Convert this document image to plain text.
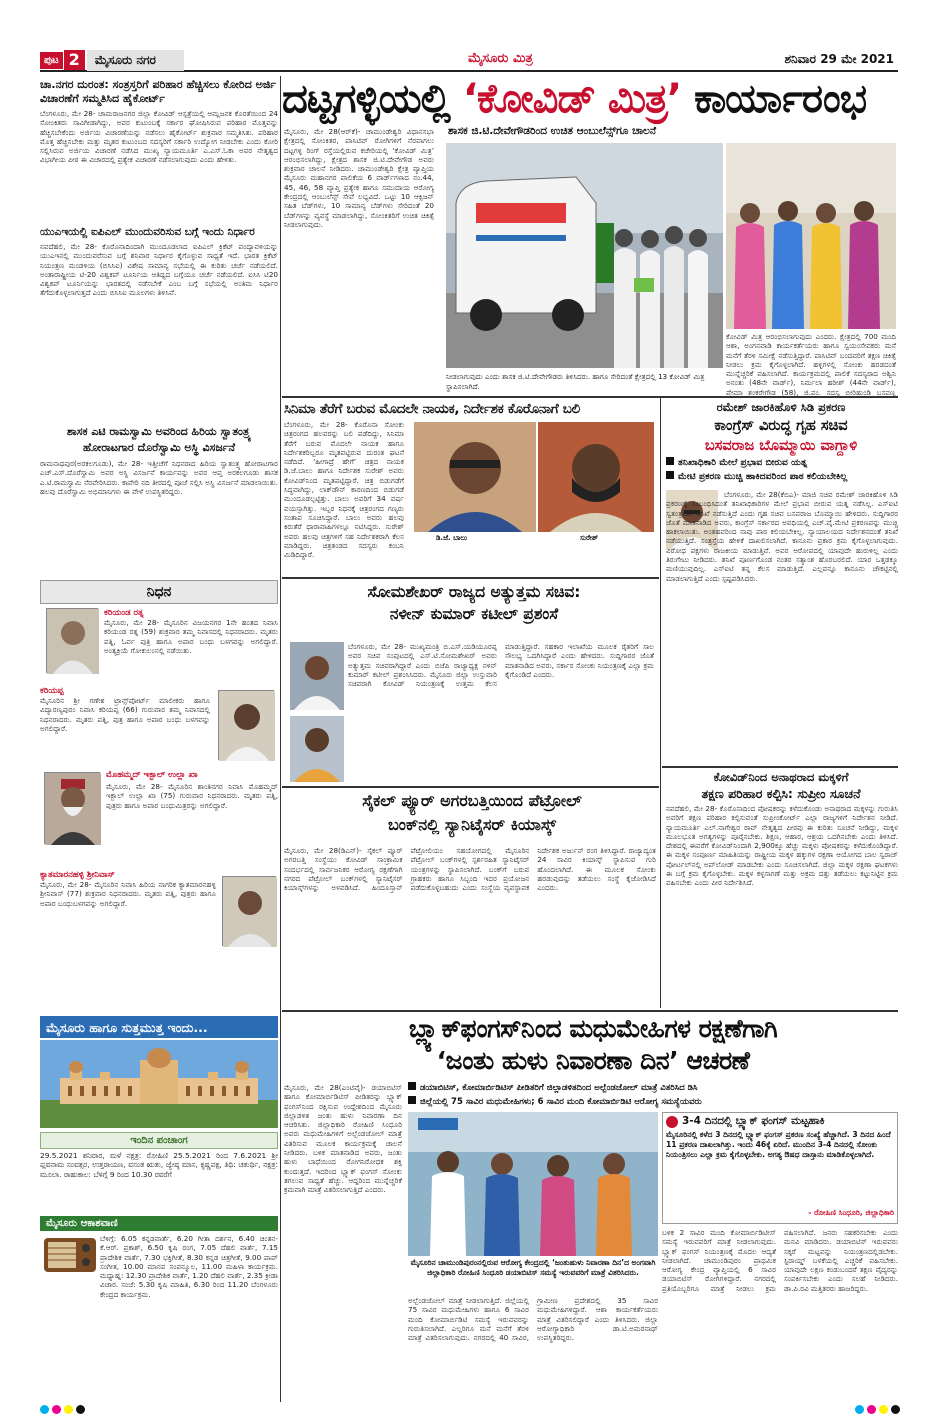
ಪುಟ 2	ಮೈಸೂರು ನಗರ	ಮೈಸೂರು ಮಿತ್ರ	ಶನಿವಾರ 29 ಮೇ 2021
ಚಾ.ನಗರ ದುರಂತ: ಸಂತ್ರಸ್ತರಿಗೆ ಪರಿಹಾರ ಹೆಚ್ಚಿಸಲು ಕೋರಿದ ಅರ್ಜಿ ವಿಚಾರಣೆಗೆ ಸಮ್ಮತಿಸಿದ ಹೈಕೋರ್ಟ್
ಬೆಂಗಳೂರು, ಮೇ 28- ಚಾಮರಾಜನಗರ ಜಿಲ್ಲಾ ಕೋವಿಡ್ ಆಸ್ಪತ್ರೆಯಲ್ಲಿ ಆಮ್ಲಜನಕ ಕೊರತೆಯಿಂದ 24 ಸೋಂಕಿತರು ಸಾವಿಗೀಡಾಗಿದ್ದು, ಅವರ ಕುಟುಂಬಕ್ಕೆ ಸರ್ಕಾರ ಘೋಷಿಸಿರುವ ಪರಿಹಾರ ಮೊತ್ತವನ್ನು ಹೆಚ್ಚಿಸಬೇಕೆಂದು ಅರ್ಜಿಯ ವಿಚಾರಣೆಯನ್ನು ನಡೆಸಲು ಹೈಕೋರ್ಟ್ ಶುಕ್ರವಾರ ಸಮ್ಮತಿಸಿತು. ಪರಿಹಾರ ಮೊತ್ತ ಹೆಚ್ಚಿಸಬೇಕು ಮತ್ತು ಮೃತರ ಕುಟುಂಬದ ಸದಸ್ಯರಿಗೆ ಸರ್ಕಾರಿ ಉದ್ಯೋಗ ನೀಡಬೇಕು ಎಂದು ಕೋರಿ ಸಲ್ಲಿಸಿರುವ ಅರ್ಜಿಯ ವಿಚಾರಣೆ ನಡೆಸಿದ ಮುಖ್ಯ ನ್ಯಾಯಮೂರ್ತಿ ಎ.ಎಸ್.ಓಕಾ ಅವರ ನೇತೃತ್ವದ ವಿಭಾಗೀಯ ಪೀಠ ಈ ವಿಚಾರದಲ್ಲಿ ಪ್ರತ್ಯೇಕ ವಿಚಾರಣೆ ನಡೆಸಲಾಗುವುದು ಎಂದು ಹೇಳಿತು.
ಯುಎಇಯಲ್ಲಿ ಐಪಿಎಲ್ ಮುಂದುವರಿಸುವ ಬಗ್ಗೆ ಇಂದು ನಿರ್ಧಾರ
ನವದೆಹಲಿ, ಮೇ 28- ಕೊರೊನಾದಿಂದಾಗಿ ಮುಂದೂಡಲಾದ ಐಪಿಎಲ್ ಕ್ರಿಕೆಟ್ ಪಂದ್ಯಾವಳಿಯನ್ನು ಯುಎಇನಲ್ಲಿ ಮುಂದುವರೆಸುವ ಬಗ್ಗೆ ಶನಿವಾರ ನಿರ್ಧಾರ ಕೈಗೊಳ್ಳುವ ಸಾಧ್ಯತೆ ಇದೆ. ಭಾರತ ಕ್ರಿಕೆಟ್ ನಿಯಂತ್ರಣ ಮಂಡಳಿಯ (ಬಿಸಿಸಿಐ) ವಿಶೇಷ ಸಾಮಾನ್ಯ ಸಭೆಯಲ್ಲಿ ಈ ಕುರಿತು ಚರ್ಚೆ ನಡೆಯಲಿದೆ. ಅಂತಾರಾಷ್ಟ್ರೀಯ ಟಿ-20 ವಿಶ್ವಕಪ್ ಟೂರ್ನಿಯ ಆತಿಥ್ಯದ ಬಗ್ಗೆಯೂ ಚರ್ಚೆ ನಡೆಯಲಿದೆ. ಐಸಿಸಿ ಟಿ20 ವಿಶ್ವಕಪ್ ಟೂರ್ನಿಯನ್ನು ಭಾರತದಲ್ಲಿ ನಡೆಸಬೇಕೆ ಎಂಬ ಬಗ್ಗೆ ಸಭೆಯಲ್ಲಿ ಅಂತಿಮ ನಿರ್ಧಾರ ತೆಗೆದುಕೊಳ್ಳಲಾಗುತ್ತದೆ ಎಂದು ಬಿಸಿಸಿಐ ಮೂಲಗಳು ತಿಳಿಸಿವೆ.
ಶಾಸಕ ಎಟಿ ರಾಮಸ್ವಾಮಿ ಅವರಿಂದ ಹಿರಿಯ ಸ್ವಾತಂತ್ರ್ಯ ಹೋರಾಟಗಾರ ದೊರೆಸ್ವಾಮಿ ಅಸ್ಥಿ ವಿಸರ್ಜನೆ
ರಾಮನಾಥಪುರ(ಅರಕಲಗೂಡು), ಮೇ 28- ಇತ್ತೀಚೆಗೆ ನಿಧನರಾದ ಹಿರಿಯ ಸ್ವಾತಂತ್ರ್ಯ ಹೋರಾಟಗಾರ ಎಚ್.ಎಸ್.ದೊರೆಸ್ವಾಮಿ ಅವರ ಅಸ್ಥಿ ವಿಸರ್ಜನೆ ಕಾರ್ಯವನ್ನು ಅವರ ಆಪ್ತ ಅರಕಲಗೂಡು ಶಾಸಕ ಎ.ಟಿ.ರಾಮಸ್ವಾಮಿ ನೆರವೇರಿಸಿದರು. ಕಾವೇರಿ ನದಿ ತೀರದಲ್ಲಿ ಪೂಜೆ ಸಲ್ಲಿಸಿ ಅಸ್ಥಿ ವಿಸರ್ಜನೆ ಮಾಡಲಾಯಿತು. ಹಲವು ದೊರೆಸ್ವಾಮಿ ಅಭಿಮಾನಿಗಳು ಈ ವೇಳೆ ಉಪಸ್ಥಿತರಿದ್ದರು.
ನಿಧನ
ಕರಿಯಂಡ ರತ್ನ
ಮೈಸೂರು, ಮೇ 28- ಮೈಸೂರಿನ ವಿಜಯನಗರ 1ನೇ ಹಂತದ ನಿವಾಸಿ ಕರಿಯಂಡ ರತ್ನ (59) ಶುಕ್ರವಾರ ತಮ್ಮ ನಿವಾಸದಲ್ಲಿ ನಿಧನರಾದರು. ಮೃತರು ಪತ್ನಿ, ಓರ್ವ ಪುತ್ರಿ ಹಾಗೂ ಅಪಾರ ಬಂಧು ಬಳಗವನ್ನು ಅಗಲಿದ್ದಾರೆ. ಅಂತ್ಯಕ್ರಿಯೆ ಗೋಕುಲಂನಲ್ಲಿ ನಡೆಯಿತು.
ಕರಿಯಪ್ಪ
ಮೈಸೂರಿನ ಶ್ರೀ ಗಣೇಶ ಟ್ರಾನ್ಸ್‌ಪೋರ್ಟ್ ಮಾಲೀಕರು ಹಾಗೂ ವಿದ್ಯಾರಣ್ಯಪುರಂ ನಿವಾಸಿ ಕರಿಯಪ್ಪ (66) ಗುರುವಾರ ತಮ್ಮ ನಿವಾಸದಲ್ಲಿ ನಿಧನರಾದರು. ಮೃತರು ಪತ್ನಿ, ಪುತ್ರ ಹಾಗೂ ಅಪಾರ ಬಂಧು ಬಳಗವನ್ನು ಅಗಲಿದ್ದಾರೆ.
ಮೊಹಮ್ಮದ್ ಇಕ್ಬಾಲ್ ಉಲ್ಲಾ ಖಾ
ಮೈಸೂರು, ಮೇ 28- ಮೈಸೂರಿನ ಶಾಂತಿನಗರ ನಿವಾಸಿ ಮೊಹಮ್ಮದ್ ಇಕ್ಬಾಲ್ ಉಲ್ಲಾ ಖಾ (75) ಗುರುವಾರ ನಿಧನರಾದರು. ಮೃತರು ಪತ್ನಿ, ಪುತ್ರರು ಹಾಗೂ ಅಪಾರ ಬಂಧುಮಿತ್ರರನ್ನು ಅಗಲಿದ್ದಾರೆ.
ಕ್ಯಾತಮಾರನಹಳ್ಳಿ ಶ್ರೀನಿವಾಸ್
ಮೈಸೂರು, ಮೇ 28- ಮೈಸೂರಿನ ನಿವಾಸಿ ಹಿರಿಯ ನಾಗರಿಕ ಕ್ಯಾತಮಾರನಹಳ್ಳಿ ಶ್ರೀನಿವಾಸ್ (77) ಶುಕ್ರವಾರ ನಿಧನರಾದರು. ಮೃತರು ಪತ್ನಿ, ಪುತ್ರರು ಹಾಗೂ ಅಪಾರ ಬಂಧುಬಳಗವನ್ನು ಅಗಲಿದ್ದಾರೆ.
ಮೈಸೂರು ಹಾಗೂ ಸುತ್ತಮುತ್ತ ಇಂದು...
ಇಂದಿನ ಪಂಚಾಂಗ
29.5.2021 ಶನಿವಾರ, ಮಳೆ ನಕ್ಷತ್ರ: ರೋಹಿಣಿ 25.5.2021 ರಿಂದ 7.6.2021 ಶ್ರೀ ಪ್ಲವನಾಮ ಸಂವತ್ಸರ, ಉತ್ತರಾಯಣ, ವಸಂತ ಋತು, ಜ್ಯೇಷ್ಠ ಮಾಸ, ಕೃಷ್ಣಪಕ್ಷ, ತಿಥಿ: ಚತುರ್ಥಿ, ನಕ್ಷತ್ರ: ಮೂಲಾ. ರಾಹುಕಾಲ: ಬೆಳಿಗ್ಗೆ 9 ರಿಂದ 10.30 ರವರೆಗೆ
ಮೈಸೂರು ಆಕಾಶವಾಣಿ
ಬೆಳಿಗ್ಗೆ: 6.05 ಕನ್ನಡವಾರ್ತೆ, 6.20 ಗೀತಾ ದರ್ಶನ, 6.40 ಚಿಂತನ-ಕೆ.ಆರ್. ಪ್ರಕಾಶ್, 6.50 ಕೃಷಿ ರಂಗ, 7.05 ದೆಹಲಿ ವಾರ್ತೆ, 7.15 ಪ್ರಾದೇಶಿಕ ವಾರ್ತೆ, 7.30 ಭಕ್ತಿಗೀತೆ, 8.30 ಕನ್ನಡ ಚಿತ್ರಗೀತೆ, 9.00 ಪಾಪ್ ಸಂಗೀತ, 10.00 ಮಾನವ ಸಂಪನ್ಮೂಲ, 11.00 ಮಹಿಳಾ ಕಾರ್ಯಕ್ರಮ. ಮಧ್ಯಾಹ್ನ: 12.30 ಪ್ರಾದೇಶಿಕ ವಾರ್ತೆ, 1.20 ದೆಹಲಿ ವಾರ್ತೆ, 2.35 ಕ್ರೀಡಾ ವಿಚಾರ. ಸಂಜೆ: 5.30 ಕೃಷಿ ಮಾಹಿತಿ, 6.30 ರಿಂದ 11.20 ಬೆಂಗಳೂರು ಕೇಂದ್ರದ ಕಾರ್ಯಕ್ರಮ.
ದಟ್ಟಗಳ್ಳಿಯಲ್ಲಿ ‘ಕೋವಿಡ್ ಮಿತ್ರ’ ಕಾರ್ಯಾರಂಭ
ಶಾಸಕ ಜಿ.ಟಿ.ದೇವೇಗೌಡರಿಂದ ಉಚಿತ ಆಂಬುಲೆನ್ಸ್‌ಗೂ ಚಾಲನೆ
ಮೈಸೂರು, ಮೇ 28(ಆರ್‌ಕೆ)- ಚಾಮುಂಡೇಶ್ವರಿ ವಿಧಾನಸಭಾ ಕ್ಷೇತ್ರದಲ್ಲಿ ಸೋಂಕಿತರ, ಪಾಸಿಟಿವ್ ರೋಗಿಗಳಿಗೆ ನೆರವಾಗಲು ದಟ್ಟಗಳ್ಳಿ ರಿಂಗ್ ರಸ್ತೆಯಲ್ಲಿರುವ ಕಚೇರಿಯಲ್ಲಿ ‘ಕೋವಿಡ್ ಮಿತ್ರ’ ಆರಂಭಿಸಲಾಗಿದ್ದು, ಕ್ಷೇತ್ರದ ಶಾಸಕ ಜಿ.ಟಿ.ದೇವೇಗೌಡ ಅವರು ಶುಕ್ರವಾರ ಚಾಲನೆ ನೀಡಿದರು. ಚಾಮುಂಡೇಶ್ವರಿ ಕ್ಷೇತ್ರ ವ್ಯಾಪ್ತಿಯ ಮೈಸೂರು ಮಹಾನಗರ ಪಾಲಿಕೆಯ 6 ವಾರ್ಡ್‌ಗಳಾದ ನಂ.44, 45, 46, 58 ವ್ಯಾಪ್ತಿ ಪ್ರತ್ಯೇಕ ಹಾಗೂ ಸಮುದಾಯ ಆರೋಗ್ಯ ಕೇಂದ್ರದಲ್ಲಿ ಆಂಬುಲೆನ್ಸ್ ಸೇವೆ ಲಭ್ಯವಿದೆ. ಒಟ್ಟು 10 ಆಕ್ಸಿಜನ್ ಸಹಿತ ಬೆಡ್‌ಗಳು, 10 ಸಾಮಾನ್ಯ ಬೆಡ್‌ಗಳು ಸೇರಿದಂತೆ 20 ಬೆಡ್‌ಗಳನ್ನು ವ್ಯವಸ್ಥೆ ಮಾಡಲಾಗಿದ್ದು, ಸೋಂಕಿತರಿಗೆ ಉಚಿತ ಚಿಕಿತ್ಸೆ ನೀಡಲಾಗುವುದು.
ನೀಡಲಾಗುವುದು ಎಂದು ಶಾಸಕ ಜಿ.ಟಿ.ದೇವೇಗೌಡರು ತಿಳಿಸಿದರು. ಹಾಗೂ ಸೇರಿದಂತೆ ಕ್ಷೇತ್ರದಲ್ಲಿ 13 ಕೋವಿಡ್ ಮಿತ್ರ ಸ್ಥಾಪಿಸಲಾಗಿದೆ.
ಕೋವಿಡ್ ಮಿತ್ರ ಆರಂಭಿಸಲಾಗುವುದು ಎಂದರು. ಕ್ಷೇತ್ರದಲ್ಲಿ 700 ಮಂದಿ ಆಶಾ, ಅಂಗನವಾಡಿ ಕಾರ್ಯಕರ್ತೆಯರು ಹಾಗೂ ಸ್ವಯಂಸೇವಕರು ಮನೆ ಮನೆಗೆ ತೆರಳಿ ಸಮೀಕ್ಷೆ ನಡೆಸುತ್ತಿದ್ದಾರೆ. ಪಾಸಿಟಿವ್ ಬಂದವರಿಗೆ ತಕ್ಷಣ ಚಿಕಿತ್ಸೆ ನೀಡಲು ಕ್ರಮ ಕೈಗೊಳ್ಳಲಾಗಿದೆ. ಹಳ್ಳಿಗಳಲ್ಲಿ ಸೋಂಕು ಹರಡದಂತೆ ಮುನ್ನೆಚ್ಚರಿಕೆ ವಹಿಸಲಾಗಿದೆ. ಕಾರ್ಯಕ್ರಮದಲ್ಲಿ ಪಾಲಿಕೆ ಸದಸ್ಯರಾದ ಅಶ್ವಿನಿ ಅನಂತು (48ನೇ ವಾರ್ಡ್), ನಿರ್ಮಲಾ ಹರೀಶ್ (44ನೇ ವಾರ್ಡ್), ಪ್ರೇಮಾ ಶಂಕರೇಗೌಡ (58), ಜಿ.ಪಂ. ಸದಸ್ಯ ಬೀರಿಹುಂಡಿ ಬಸವಣ್ಣ
ಸಿನಿಮಾ ತೆರೆಗೆ ಬರುವ ಮೊದಲೇ ನಾಯಕ, ನಿರ್ದೇಶಕ ಕೊರೊನಾಗೆ ಬಲಿ
ಬೆಂಗಳೂರು, ಮೇ 28- ಕೊರೊನಾ ಸೋಂಕು ಚಿತ್ರರಂಗದ ಹಲವರನ್ನು ಬಲಿ ಪಡೆದಿದ್ದು, ಸಿನಿಮಾ ತೆರೆಗೆ ಬರುವ ಮೊದಲೇ ನಾಯಕ ಹಾಗೂ ನಿರ್ದೇಶಕರಿಬ್ಬರೂ ಮೃತಪಟ್ಟಿರುವ ದುರಂತ ಘಟನೆ ನಡೆದಿದೆ. ‘ಹೀಗಾದ್ರೆ ಹೇಗೆ’ ಚಿತ್ರದ ನಾಯಕ ಡಿ.ಜೆ.ಬಾಲು ಹಾಗೂ ನಿರ್ದೇಶಕ ಸುರೇಶ್ ಅವರು ಕೋವಿಡ್‌ನಿಂದ ಮೃತಪಟ್ಟಿದ್ದಾರೆ. ಚಿತ್ರ ಬಿಡುಗಡೆಗೆ ಸಿದ್ಧವಾಗಿದ್ದು, ಲಾಕ್‌ಡೌನ್ ಕಾರಣದಿಂದ ಬಿಡುಗಡೆ ಮುಂದೂಡಲ್ಪಟ್ಟಿತ್ತು. ಬಾಲು ಅವರಿಗೆ 34 ವರ್ಷ ವಯಸ್ಸಾಗಿತ್ತು. ಇಬ್ಬರ ನಿಧನಕ್ಕೆ ಚಿತ್ರರಂಗದ ಗಣ್ಯರು ಸಂತಾಪ ಸೂಚಿಸಿದ್ದಾರೆ. ಬಾಲು ಅವರು ಹಲವು ಕಿರುತೆರೆ ಧಾರಾವಾಹಿಗಳಲ್ಲೂ ನಟಿಸಿದ್ದರು. ಸುರೇಶ್ ಅವರು ಹಲವು ಚಿತ್ರಗಳಿಗೆ ಸಹ ನಿರ್ದೇಶಕರಾಗಿ ಕೆಲಸ ಮಾಡಿದ್ದರು. ಚಿತ್ರತಂಡದ ಸದಸ್ಯರು ಕಂಬನಿ ಮಿಡಿದಿದ್ದಾರೆ.
ಡಿ.ಜೆ. ಬಾಲು	ಸುರೇಶ್
ಸೋಮಶೇಖರ್ ರಾಜ್ಯದ ಅತ್ಯುತ್ತಮ ಸಚಿವ:
ನಳೀನ್ ಕುಮಾರ್ ಕಟೀಲ್ ಪ್ರಶಂಸೆ
ಬೆಂಗಳೂರು, ಮೇ 28- ಮುಖ್ಯಮಂತ್ರಿ ಬಿ.ಎಸ್.ಯಡಿಯೂರಪ್ಪ ಅವರ ಸಚಿವ ಸಂಪುಟದಲ್ಲಿ ಎಸ್.ಟಿ.ಸೋಮಶೇಖರ್ ಅವರು ಅತ್ಯುತ್ತಮ ಸಚಿವರಾಗಿದ್ದಾರೆ ಎಂದು ಬಿಜೆಪಿ ರಾಜ್ಯಾಧ್ಯಕ್ಷ ನಳಿನ್ ಕುಮಾರ್ ಕಟೀಲ್ ಪ್ರಶಂಸಿಸಿದರು. ಮೈಸೂರು ಜಿಲ್ಲಾ ಉಸ್ತುವಾರಿ ಸಚಿವರಾಗಿ ಕೋವಿಡ್ ನಿಯಂತ್ರಣಕ್ಕೆ ಉತ್ತಮ ಕೆಲಸ ಮಾಡುತ್ತಿದ್ದಾರೆ. ಸಹಕಾರ ಇಲಾಖೆಯ ಮೂಲಕ ರೈತರಿಗೆ ಸಾಲ ಸೌಲಭ್ಯ ಒದಗಿಸಿದ್ದಾರೆ ಎಂದು ಹೇಳಿದರು. ಸುದ್ದಿಗಾರರ ಜೊತೆ ಮಾತನಾಡಿದ ಅವರು, ಸರ್ಕಾರ ಸೋಂಕು ನಿಯಂತ್ರಣಕ್ಕೆ ಎಲ್ಲಾ ಕ್ರಮ ಕೈಗೊಂಡಿದೆ ಎಂದರು.
ಸೈಕಲ್ ಪ್ಯೂರ್ ಅಗರಬತ್ತಿಯಿಂದ ಪೆಟ್ರೋಲ್
ಬಂಕ್‌ನಲ್ಲಿ ಸ್ಯಾನಿಟೈಸರ್ ಕಿಯಾಸ್ಕ್
ಮೈಸೂರು, ಮೇ 28(ಡಿಎನ್)- ಸೈಕಲ್ ಪ್ಯೂರ್ ಅಗರಬತ್ತಿ ಸಂಸ್ಥೆಯು ಕೋವಿಡ್ ಸಾಂಕ್ರಾಮಿಕ ಸಂದರ್ಭದಲ್ಲಿ ಸಾರ್ವಜನಿಕರ ಆರೋಗ್ಯ ರಕ್ಷಣೆಗಾಗಿ ನಗರದ ಪೆಟ್ರೋಲ್ ಬಂಕ್‌ಗಳಲ್ಲಿ ಸ್ಯಾನಿಟೈಸರ್ ಕಿಯಾಸ್ಕ್‌ಗಳನ್ನು ಅಳವಡಿಸಿದೆ. ಹಿಂದೂಸ್ತಾನ್ ಪೆಟ್ರೋಲಿಯಂ ಸಹಯೋಗದಲ್ಲಿ ಮೈಸೂರಿನ ಪೆಟ್ರೋಲ್ ಬಂಕ್‌ಗಳಲ್ಲಿ ಸ್ಪರ್ಶರಹಿತ ಸ್ಯಾನಿಟೈಸರ್ ಯಂತ್ರಗಳನ್ನು ಸ್ಥಾಪಿಸಲಾಗಿದೆ. ಬಂಕ್‌ಗೆ ಬರುವ ಗ್ರಾಹಕರು ಹಾಗೂ ಸಿಬ್ಬಂದಿ ಇದರ ಪ್ರಯೋಜನ ಪಡೆದುಕೊಳ್ಳಬಹುದು ಎಂದು ಸಂಸ್ಥೆಯ ವ್ಯವಸ್ಥಾಪಕ ನಿರ್ದೇಶಕ ಅರ್ಜುನ್ ರಂಗ ತಿಳಿಸಿದ್ದಾರೆ. ರಾಜ್ಯಾದ್ಯಂತ 24 ಸಾವಿರ ಕಿಯಾಸ್ಕ್ ಸ್ಥಾಪಿಸುವ ಗುರಿ ಹೊಂದಲಾಗಿದೆ. ಈ ಮೂಲಕ ಸೋಂಕು ಹರಡುವುದನ್ನು ತಡೆಯಲು ಸಂಸ್ಥೆ ಕೈಜೋಡಿಸಿದೆ ಎಂದರು.
ರಮೇಶ್ ಜಾರಕಿಹೊಳಿ ಸಿಡಿ ಪ್ರಕರಣ
ಕಾಂಗ್ರೆಸ್ ವಿರುದ್ಧ ಗೃಹ ಸಚಿವ
ಬಸವರಾಜ ಬೊಮ್ಮಾಯಿ ವಾಗ್ದಾಳಿ
ತನಿಖಾಧಿಕಾರಿ ಮೇಲೆ ಪ್ರಭಾವ ಬೀರುವ ಯತ್ನ
ಮೇಟಿ ಪ್ರಕರಣ ಮುಚ್ಚಿ ಹಾಕಿದವರಿಂದ ಪಾಠ ಕಲಿಯಬೇಕಿಲ್ಲ
ಬೆಂಗಳೂರು, ಮೇ 28(ಕೆಬಿಎ)- ಮಾಜಿ ಸಚಿವ ರಮೇಶ್ ಜಾರಕಿಹೊಳಿ ಸಿಡಿ ಪ್ರಕರಣಕ್ಕೆ ಸಂಬಂಧಿಸಿದಂತೆ ತನಿಖಾಧಿಕಾರಿಗಳ ಮೇಲೆ ಪ್ರಭಾವ ಬೀರುವ ಯತ್ನ ನಡೆಸಿಲ್ಲ. ಎಸ್‌ಐಟಿ ಸ್ವತಂತ್ರವಾಗಿ ತನಿಖೆ ನಡೆಸುತ್ತಿದೆ ಎಂದು ಗೃಹ ಸಚಿವ ಬಸವರಾಜ ಬೊಮ್ಮಾಯಿ ಹೇಳಿದರು. ಸುದ್ದಿಗಾರರ ಜೊತೆ ಮಾತನಾಡಿದ ಅವರು, ಕಾಂಗ್ರೆಸ್ ಸರ್ಕಾರದ ಅವಧಿಯಲ್ಲಿ ಎಚ್.ವೈ.ಮೇಟಿ ಪ್ರಕರಣವನ್ನು ಮುಚ್ಚಿ ಹಾಕಲಾಯಿತು. ಅಂತಹವರಿಂದ ನಾವು ಪಾಠ ಕಲಿಯಬೇಕಿಲ್ಲ. ನ್ಯಾಯಾಲಯದ ನಿರ್ದೇಶನದಂತೆ ತನಿಖೆ ನಡೆಯುತ್ತಿದೆ. ಸಂತ್ರಸ್ತೆಯ ಹೇಳಿಕೆ ದಾಖಲಿಸಲಾಗಿದೆ. ಕಾನೂನು ಪ್ರಕಾರ ಕ್ರಮ ಕೈಗೊಳ್ಳಲಾಗುವುದು. ವಿರೋಧ ಪಕ್ಷಗಳು ರಾಜಕೀಯ ಮಾಡುತ್ತಿವೆ. ಅವರ ಆರೋಪದಲ್ಲಿ ಯಾವುದೇ ಹುರುಳಿಲ್ಲ ಎಂದು ತಿರುಗೇಟು ನೀಡಿದರು. ತನಿಖೆ ಪೂರ್ಣಗೊಂಡ ನಂತರ ಸತ್ಯಾಂಶ ಹೊರಬರಲಿದೆ. ಯಾರ ಒತ್ತಡಕ್ಕೂ ಮಣಿಯುವುದಿಲ್ಲ. ಎಸ್‌ಐಟಿ ತನ್ನ ಕೆಲಸ ಮಾಡುತ್ತಿದೆ. ಎಲ್ಲವನ್ನೂ ಕಾನೂನು ಚೌಕಟ್ಟಿನಲ್ಲಿ ಮಾಡಲಾಗುತ್ತಿದೆ ಎಂದು ಸ್ಪಷ್ಟಪಡಿಸಿದರು.
ಕೋವಿಡ್‌ನಿಂದ ಅನಾಥರಾದ ಮಕ್ಕಳಿಗೆ
ತಕ್ಷಣ ಪರಿಹಾರ ಕಲ್ಪಿಸಿ: ಸುಪ್ರೀಂ ಸೂಚನೆ
ನವದೆಹಲಿ, ಮೇ 28- ಕೊರೊನಾದಿಂದ ಪೋಷಕರನ್ನು ಕಳೆದುಕೊಂಡು ಅನಾಥರಾದ ಮಕ್ಕಳನ್ನು ಗುರುತಿಸಿ ಅವರಿಗೆ ತಕ್ಷಣ ಪರಿಹಾರ ಕಲ್ಪಿಸುವಂತೆ ಸುಪ್ರೀಂಕೋರ್ಟ್ ಎಲ್ಲಾ ರಾಜ್ಯಗಳಿಗೆ ನಿರ್ದೇಶನ ನೀಡಿದೆ. ನ್ಯಾಯಮೂರ್ತಿ ಎಲ್.ನಾಗೇಶ್ವರ ರಾವ್ ನೇತೃತ್ವದ ಪೀಠವು ಈ ಕುರಿತು ಸೂಚನೆ ನೀಡಿದ್ದು, ಮಕ್ಕಳ ಮೂಲಭೂತ ಅಗತ್ಯಗಳನ್ನು ಪೂರೈಸಬೇಕು. ಶಿಕ್ಷಣ, ಆಹಾರ, ಆಶ್ರಯ ಒದಗಿಸಬೇಕು ಎಂದು ತಿಳಿಸಿದೆ. ದೇಶದಲ್ಲಿ ಈವರೆಗೆ ಕೋವಿಡ್‌ನಿಂದಾಗಿ 2,900ಕ್ಕೂ ಹೆಚ್ಚು ಮಕ್ಕಳು ಪೋಷಕರನ್ನು ಕಳೆದುಕೊಂಡಿದ್ದಾರೆ. ಈ ಮಕ್ಕಳ ಸಂಪೂರ್ಣ ಮಾಹಿತಿಯನ್ನು ರಾಷ್ಟ್ರೀಯ ಮಕ್ಕಳ ಹಕ್ಕುಗಳ ರಕ್ಷಣಾ ಆಯೋಗದ ಬಾಲ ಸ್ವರಾಜ್ ಪೋರ್ಟಲ್‌ನಲ್ಲಿ ಅಪ್‌ಲೋಡ್ ಮಾಡಬೇಕು ಎಂದು ಸೂಚಿಸಲಾಗಿದೆ. ಜಿಲ್ಲಾ ಮಕ್ಕಳ ರಕ್ಷಣಾ ಘಟಕಗಳು ಈ ಬಗ್ಗೆ ಕ್ರಮ ಕೈಗೊಳ್ಳಬೇಕು. ಮಕ್ಕಳ ಕಳ್ಳಸಾಗಣೆ ಮತ್ತು ಅಕ್ರಮ ದತ್ತು ತಡೆಯಲು ಕಟ್ಟುನಿಟ್ಟಿನ ಕ್ರಮ ವಹಿಸಬೇಕು ಎಂದು ಪೀಠ ನಿರ್ದೇಶಿಸಿದೆ.
ಬ್ಲ್ಯಾಕ್‌ಫಂಗಸ್‌ನಿಂದ ಮಧುಮೇಹಿಗಳ ರಕ್ಷಣೆಗಾಗಿ
‘ಜಂತು ಹುಳು ನಿವಾರಣಾ ದಿನ’ ಆಚರಣೆ
ಮೈಸೂರು, ಮೇ 28(ಎಂಟಿವೈ)- ಡಯಾಬಿಟಿಸ್ ಹಾಗೂ ಕೋಮಾರ್ಬಿಡಿಟಿಸ್ ಪೀಡಿತರನ್ನು ಬ್ಲ್ಯಾಕ್ ಫಂಗಸ್‌ನಿಂದ ರಕ್ಷಿಸುವ ಉದ್ದೇಶದಿಂದ ಮೈಸೂರು ಜಿಲ್ಲಾಡಳಿತ ಜಂತು ಹುಳು ನಿವಾರಣಾ ದಿನ ಆಚರಿಸಿತು. ಜಿಲ್ಲಾಧಿಕಾರಿ ರೋಹಿಣಿ ಸಿಂಧೂರಿ ಅವರು ಮಧುಮೇಹಿಗಳಿಗೆ ಅಲ್ಬೆಂಡಜೋಲ್ ಮಾತ್ರೆ ವಿತರಿಸುವ ಮೂಲಕ ಕಾರ್ಯಕ್ರಮಕ್ಕೆ ಚಾಲನೆ ನೀಡಿದರು. ಬಳಿಕ ಮಾತನಾಡಿದ ಅವರು, ಜಂತು ಹುಳು ಬಾಧೆಯಿಂದ ರೋಗನಿರೋಧಕ ಶಕ್ತಿ ಕುಂದುತ್ತದೆ. ಇದರಿಂದ ಬ್ಲ್ಯಾಕ್ ಫಂಗಸ್ ಸೋಂಕು ತಗಲುವ ಸಾಧ್ಯತೆ ಹೆಚ್ಚು. ಆದ್ದರಿಂದ ಮುನ್ನೆಚ್ಚರಿಕೆ ಕ್ರಮವಾಗಿ ಮಾತ್ರೆ ವಿತರಿಸಲಾಗುತ್ತಿದೆ ಎಂದರು.
ಡಯಾಬಿಟಿಸ್, ಕೋಮಾರ್ಬಿಡಿಟಿಸ್ ಪೀಡಿತರಿಗೆ ಜಿಲ್ಲಾಡಳಿತದಿಂದ ಅಲ್ಬೆಂಡಜೋಲ್ ಮಾತ್ರೆ ವಿತರಿಸಿದ ಡಿಸಿ
ಜಿಲ್ಲೆಯಲ್ಲಿ 75 ಸಾವಿರ ಮಧುಮೇಹಿಗಳು; 6 ಸಾವಿರ ಮಂದಿ ಕೋಮಾರ್ಬಿಡಿಟಿ ಆರೋಗ್ಯ ಸಮಸ್ಯೆಯವರು
ಮೈಸೂರಿನ ಚಾಮುಂಡಿಪುರಂನಲ್ಲಿರುವ ಆರೋಗ್ಯ ಕೇಂದ್ರದಲ್ಲಿ ‘ಜಂತುಹುಳು ನಿವಾರಣಾ ದಿನ’ದ ಅಂಗವಾಗಿ ಜಿಲ್ಲಾಧಿಕಾರಿ ರೋಹಿಣಿ ಸಿಂಧೂರಿ ಡಯಾಬಿಟಿಸ್ ಸಮಸ್ಯೆ ಇರುವವರಿಗೆ ಮಾತ್ರೆ ವಿತರಿಸಿದರು.
ಅಲ್ಬೆಂಡಜೋಲ್ ಮಾತ್ರೆ ನೀಡಲಾಗುತ್ತಿದೆ. ಜಿಲ್ಲೆಯಲ್ಲಿ 75 ಸಾವಿರ ಮಧುಮೇಹಿಗಳು ಹಾಗೂ 6 ಸಾವಿರ ಮಂದಿ ಕೋಮಾರ್ಬಿಡಿಟಿ ಸಮಸ್ಯೆ ಇರುವವರನ್ನು ಗುರುತಿಸಲಾಗಿದೆ. ಎಲ್ಲರಿಗೂ ಮನೆ ಮನೆಗೆ ತೆರಳಿ ಮಾತ್ರೆ ವಿತರಿಸಲಾಗುವುದು. ನಗರದಲ್ಲಿ 40 ಸಾವಿರ, ಗ್ರಾಮೀಣ ಪ್ರದೇಶದಲ್ಲಿ 35 ಸಾವಿರ ಮಧುಮೇಹಿಗಳಿದ್ದಾರೆ. ಆಶಾ ಕಾರ್ಯಕರ್ತೆಯರು ಮಾತ್ರೆ ವಿತರಿಸಲಿದ್ದಾರೆ ಎಂದು ತಿಳಿಸಿದರು. ಜಿಲ್ಲಾ ಆರೋಗ್ಯಾಧಿಕಾರಿ ಡಾ.ಟಿ.ಅಮರನಾಥ್ ಉಪಸ್ಥಿತರಿದ್ದರು.
3-4 ದಿನದಲ್ಲಿ ಬ್ಲ್ಯಾಕ್ ಫಂಗಸ್ ಮಟ್ಟಹಾಕಿ
ಮೈಸೂರಿನಲ್ಲಿ ಕಳೆದ 3 ದಿನದಲ್ಲಿ ಬ್ಲ್ಯಾಕ್ ಫಂಗಸ್ ಪ್ರಕರಣ ಸಂಖ್ಯೆ ಹೆಚ್ಚಾಗಿದೆ. 3 ದಿನದ ಹಿಂದೆ 11 ಪ್ರಕರಣ ದಾಖಲಾಗಿತ್ತು. ಇಂದು 46ಕ್ಕೆ ಏರಿದೆ. ಮುಂದಿನ 3-4 ದಿನದಲ್ಲಿ ಸೋಂಕು ನಿಯಂತ್ರಿಸಲು ಎಲ್ಲಾ ಕ್ರಮ ಕೈಗೊಳ್ಳಬೇಕು. ಅಗತ್ಯ ಔಷಧ ದಾಸ್ತಾನು ಮಾಡಿಕೊಳ್ಳಲಾಗಿದೆ.
- ರೋಹಿಣಿ ಸಿಂಧೂರಿ, ಜಿಲ್ಲಾಧಿಕಾರಿ
ಬಳಿಕ 2 ಸಾವಿರ ಮಂದಿ ಕೋಮಾರ್ಬಿಡಿಟೀಸ್ ಸಮಸ್ಯೆ ಇರುವವರಿಗೆ ಮಾತ್ರೆ ನೀಡಲಾಗುವುದು. ಬ್ಲ್ಯಾಕ್ ಫಂಗಸ್ ನಿಯಂತ್ರಣಕ್ಕೆ ಮೊದಲ ಆದ್ಯತೆ ನೀಡಲಾಗಿದೆ. ಚಾಮುಂಡಿಪುರಂ ಪ್ರಾಥಮಿಕ ಆರೋಗ್ಯ ಕೇಂದ್ರ ವ್ಯಾಪ್ತಿಯಲ್ಲಿ 6 ಸಾವಿರ ಡಯಾಬಿಟಿಸ್ ರೋಗಿಗಳಿದ್ದಾರೆ. ನಗರದಲ್ಲಿ ಪ್ರತಿಯೊಬ್ಬರಿಗೂ ಮಾತ್ರೆ ನೀಡಲು ಕ್ರಮ ವಹಿಸಲಾಗಿದೆ. ಜನರು ಸಹಕರಿಸಬೇಕು ಎಂದು ಮನವಿ ಮಾಡಿದರು. ಡಯಾಬಿಟಿಸ್ ಇರುವವರು ಸಕ್ಕರೆ ಮಟ್ಟವನ್ನು ನಿಯಂತ್ರಣದಲ್ಲಿಡಬೇಕು. ಸ್ಟಿರಾಯ್ಡ್ ಬಳಕೆಯಲ್ಲಿ ಎಚ್ಚರಿಕೆ ವಹಿಸಬೇಕು. ಯಾವುದೇ ಲಕ್ಷಣ ಕಂಡುಬಂದರೆ ತಕ್ಷಣ ವೈದ್ಯರನ್ನು ಸಂಪರ್ಕಿಸಬೇಕು ಎಂದು ಸಲಹೆ ನೀಡಿದರು. ಡಾ.ಪಿ.ರವಿ ಮತ್ತಿತರರು ಹಾಜರಿದ್ದರು.
